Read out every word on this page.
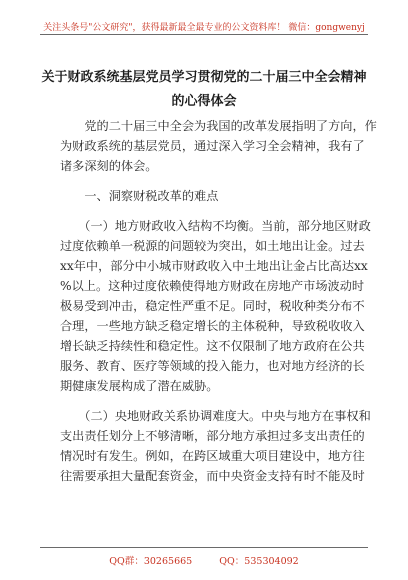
关注头条号"公文研究"，获得最新最全最专业的公文资料库！ 微信：gongwenyj
关于财政系统基层党员学习贯彻党的二十届三中全会精神
的心得体会
　　党的二十届三中全会为我国的改革发展指明了方向，作
为财政系统的基层党员，通过深入学习全会精神，我有了
诸多深刻的体会。
　　一、洞察财税改革的难点
　　（一）地方财政收入结构不均衡。当前，部分地区财政
过度依赖单一税源的问题较为突出，如土地出让金。过去
xx年中，部分中小城市财政收入中土地出让金占比高达xx
%以上。这种过度依赖使得地方财政在房地产市场波动时
极易受到冲击，稳定性严重不足。同时，税收种类分布不
合理，一些地方缺乏稳定增长的主体税种，导致税收收入
增长缺乏持续性和稳定性。这不仅限制了地方政府在公共
服务、教育、医疗等领域的投入能力，也对地方经济的长
期健康发展构成了潜在威胁。
　　（二）央地财政关系协调难度大。中央与地方在事权和
支出责任划分上不够清晰，部分地方承担过多支出责任的
情况时有发生。例如，在跨区域重大项目建设中，地方往
往需要承担大量配套资金，而中央资金支持有时不能及时
QQ群：30265665	QQ：535304092
